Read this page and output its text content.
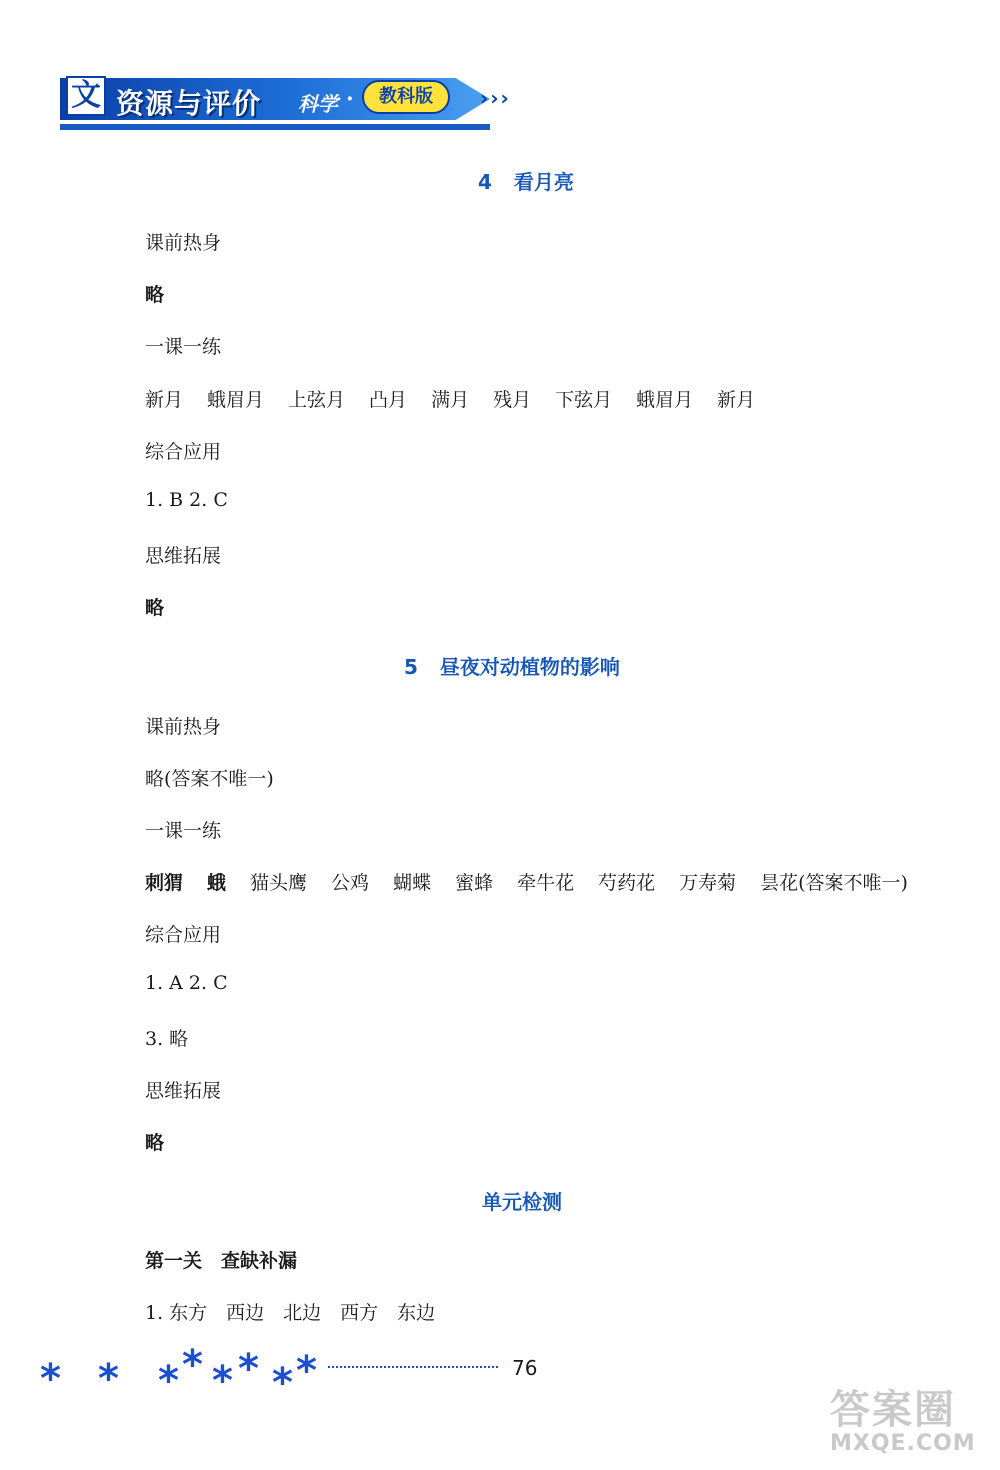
文 资源与评价 科学 ·	教科版	›››
4 看月亮
课前热身
略
一课一练
新月 蛾眉月 上弦月 凸月 满月 残月 下弦月 蛾眉月 新月
综合应用
1. B 2. C
思维拓展
略
5 昼夜对动植物的影响
课前热身
略(答案不唯一)
一课一练
刺猬 蛾 猫头鹰 公鸡 蝴蝶 蜜蜂 牵牛花 芍药花 万寿菊 昙花(答案不唯一)
综合应用
1. A 2. C
3. 略
思维拓展
略
单元检测
第一关　查缺补漏
1. 东方　西边　北边　西方　东边
* * * * * * * *	76
答案圈
MXQE.COM
